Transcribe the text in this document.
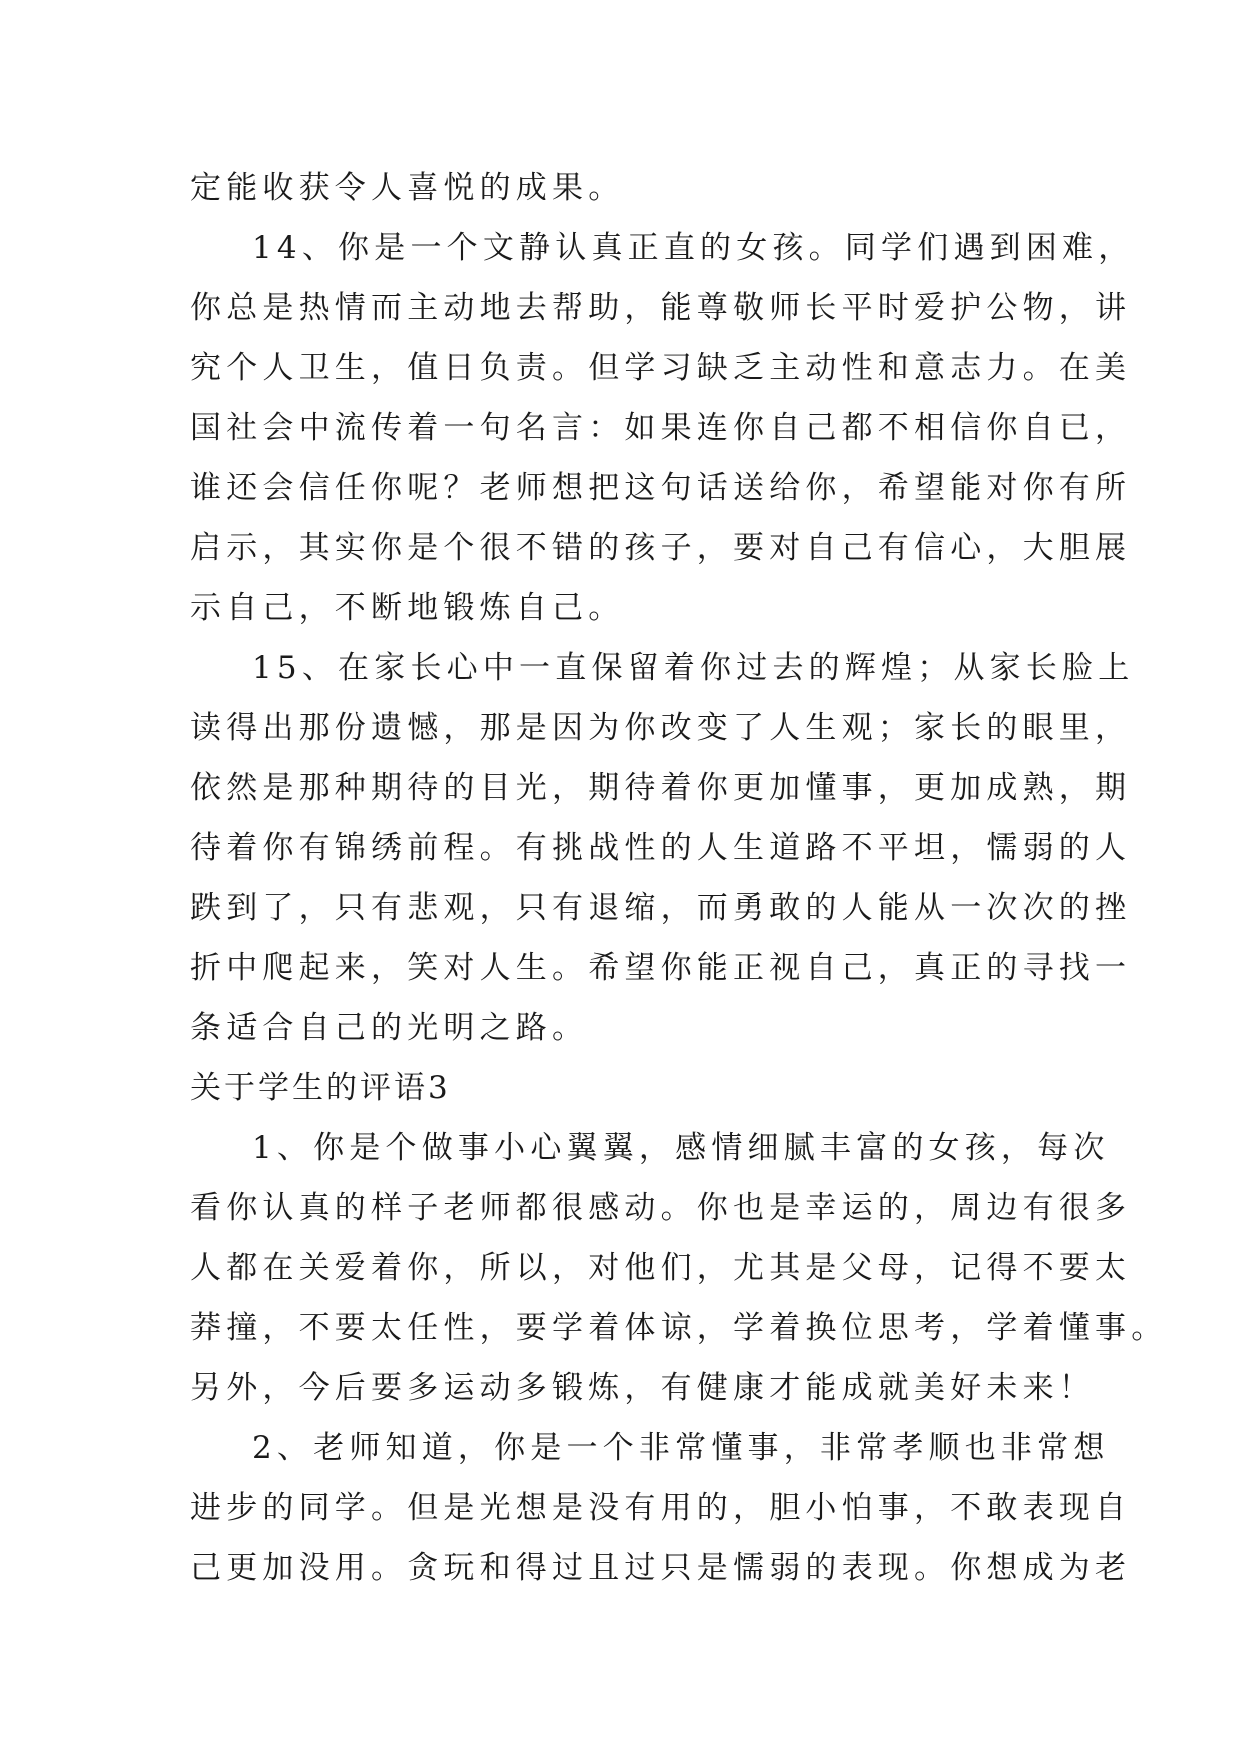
定能收获令人喜悦的成果。
14、你是一个文静认真正直的女孩。同学们遇到困难，
你总是热情而主动地去帮助，能尊敬师长平时爱护公物，讲
究个人卫生，值日负责。但学习缺乏主动性和意志力。在美
国社会中流传着一句名言：如果连你自己都不相信你自已，
谁还会信任你呢？老师想把这句话送给你，希望能对你有所
启示，其实你是个很不错的孩子，要对自己有信心，大胆展
示自己，不断地锻炼自己。
15、在家长心中一直保留着你过去的辉煌；从家长脸上
读得出那份遗憾，那是因为你改变了人生观；家长的眼里，
依然是那种期待的目光，期待着你更加懂事，更加成熟，期
待着你有锦绣前程。有挑战性的人生道路不平坦，懦弱的人
跌到了，只有悲观，只有退缩，而勇敢的人能从一次次的挫
折中爬起来，笑对人生。希望你能正视自己，真正的寻找一
条适合自己的光明之路。
关于学生的评语3
1、你是个做事小心翼翼，感情细腻丰富的女孩，每次
看你认真的样子老师都很感动。你也是幸运的，周边有很多
人都在关爱着你，所以，对他们，尤其是父母，记得不要太
莽撞，不要太任性，要学着体谅，学着换位思考，学着懂事。
另外，今后要多运动多锻炼，有健康才能成就美好未来！
2、老师知道，你是一个非常懂事，非常孝顺也非常想
进步的同学。但是光想是没有用的，胆小怕事，不敢表现自
己更加没用。贪玩和得过且过只是懦弱的表现。你想成为老
